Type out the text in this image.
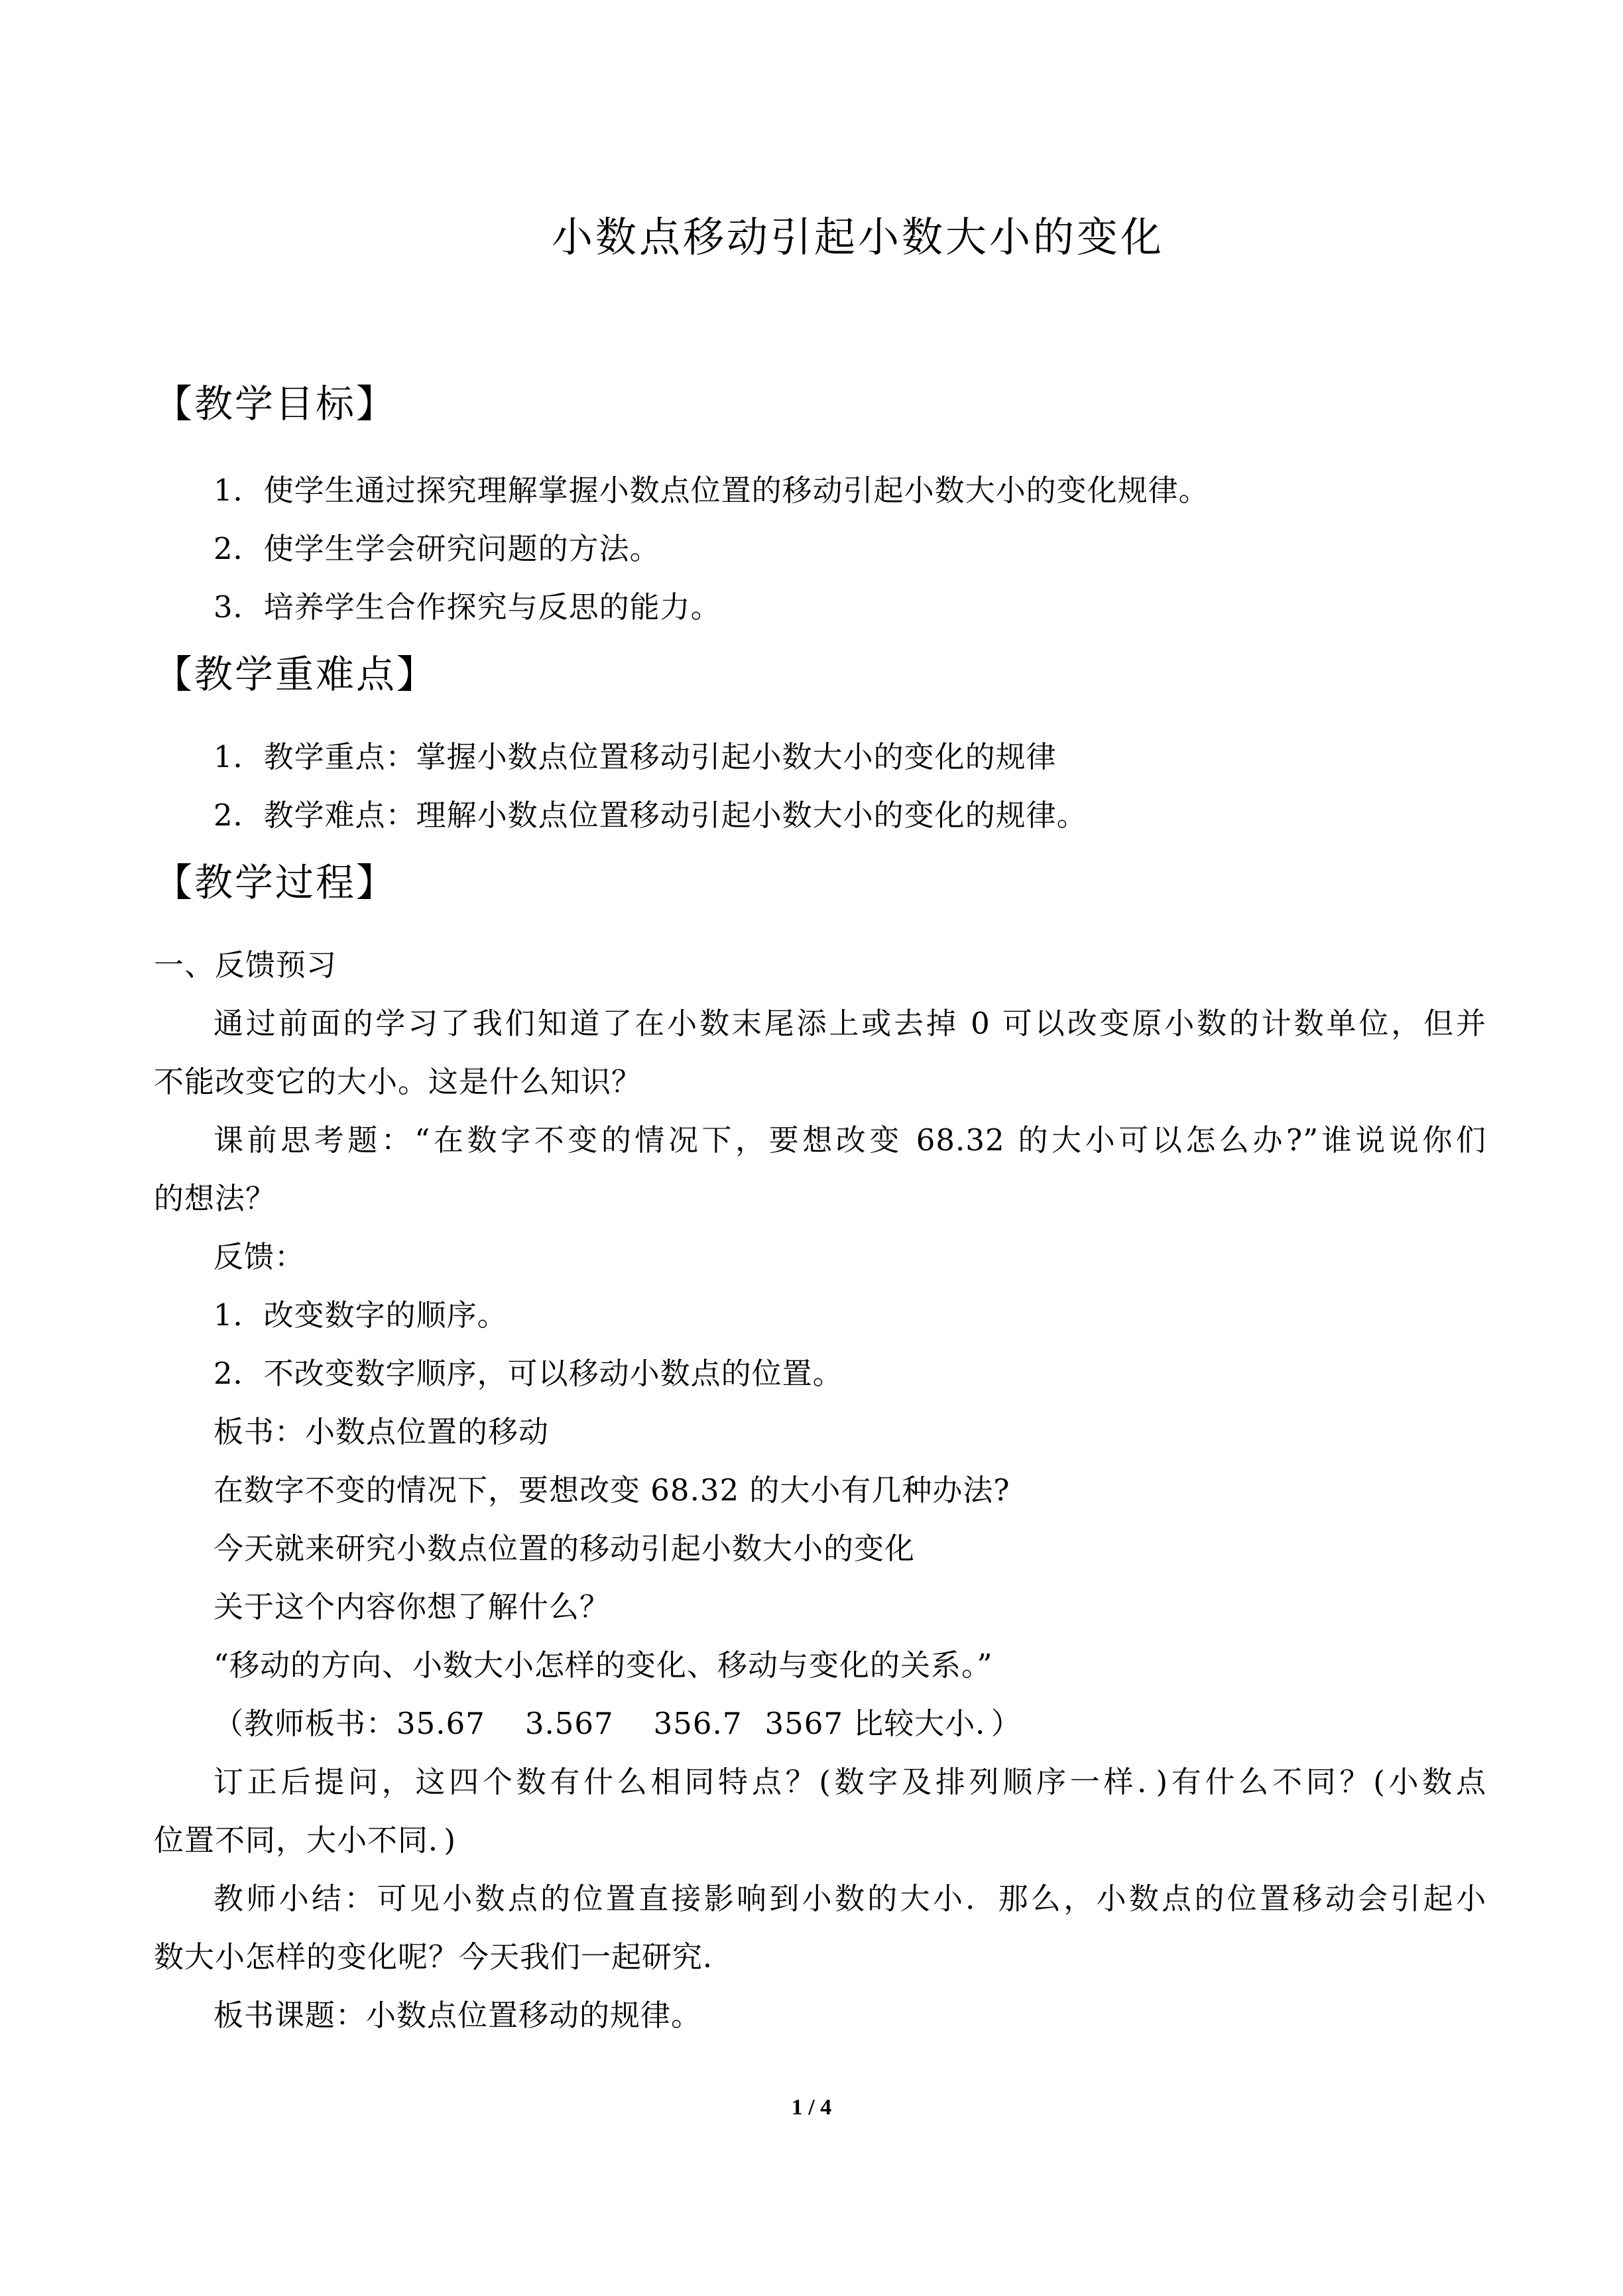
小数点移动引起小数大小的变化
【教学目标】
1．使学生通过探究理解掌握小数点位置的移动引起小数大小的变化规律。
2．使学生学会研究问题的方法。
3．培养学生合作探究与反思的能力。
【教学重难点】
1．教学重点：掌握小数点位置移动引起小数大小的变化的规律
2．教学难点：理解小数点位置移动引起小数大小的变化的规律。
【教学过程】
一、反馈预习
通过前面的学习了我们知道了在小数末尾添上或去掉 0 可以改变原小数的计数单位，但并
不能改变它的大小。这是什么知识？
课前思考题：“在数字不变的情况下，要想改变 68.32 的大小可以怎么办?”谁说说你们
的想法？
反馈：
1．改变数字的顺序。
2．不改变数字顺序，可以移动小数点的位置。
板书：小数点位置的移动
在数字不变的情况下，要想改变 68.32 的大小有几种办法?
今天就来研究小数点位置的移动引起小数大小的变化
关于这个内容你想了解什么？
“移动的方向、小数大小怎样的变化、移动与变化的关系。”
（教师板书：35.67 3.567 356.7 3567 比较大小．）
订正后提问，这四个数有什么相同特点？(数字及排列顺序一样．)有什么不同？(小数点
位置不同，大小不同．)
教师小结：可见小数点的位置直接影响到小数的大小．那么，小数点的位置移动会引起小
数大小怎样的变化呢？今天我们一起研究．
板书课题：小数点位置移动的规律。
1 / 4
